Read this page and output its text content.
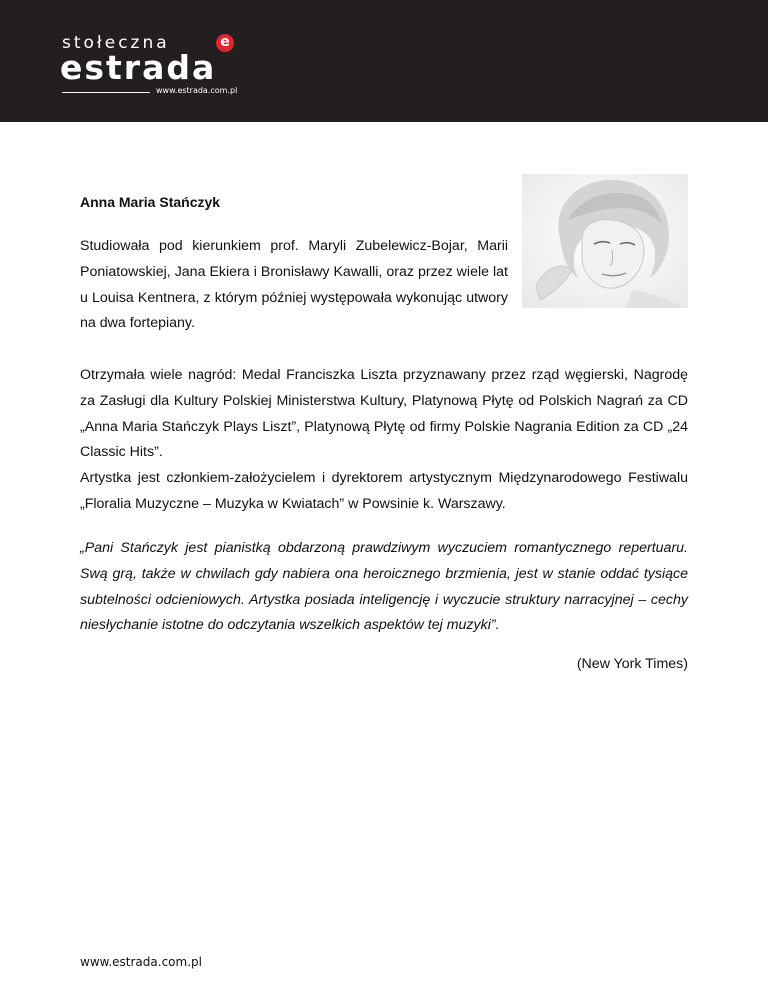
stołeczna
estrada
e
www.estrada.com.pl
Anna Maria Stańczyk

Studiowała pod kierunkiem prof. Maryli Zubelewicz-Bojar, Marii Poniatowskiej, Jana Ekiera i Bronisławy Kawalli, oraz przez wiele lat u Louisa Kentnera, z którym później występowała wykonując utwory na dwa fortepiany.

Otrzymała wiele nagród: Medal Franciszka Liszta przyznawany przez rząd węgierski, Nagrodę za Zasługi dla Kultury Polskiej Ministerstwa Kultury, Platynową Płytę od Polskich Nagrań za CD „Anna Maria Stańczyk Plays Liszt”, Platynową Płytę od firmy Polskie Nagrania Edition za CD „24 Classic Hits”.

Artystka jest członkiem-założycielem i dyrektorem artystycznym Międzynarodowego Festiwalu „Floralia Muzyczne – Muzyka w Kwiatach” w Powsinie k. Warszawy.

„Pani Stańczyk jest pianistką obdarzoną prawdziwym wyczuciem romantycznego repertuaru. Swą grą, także w chwilach gdy nabiera ona heroicznego brzmienia, jest w stanie oddać tysiące subtelności odcieniowych. Artystka posiada inteligencję i wyczucie struktury narracyjnej – cechy niesłychanie istotne do odczytania wszelkich aspektów tej muzyki”.

(New York Times)

www.estrada.com.pl
